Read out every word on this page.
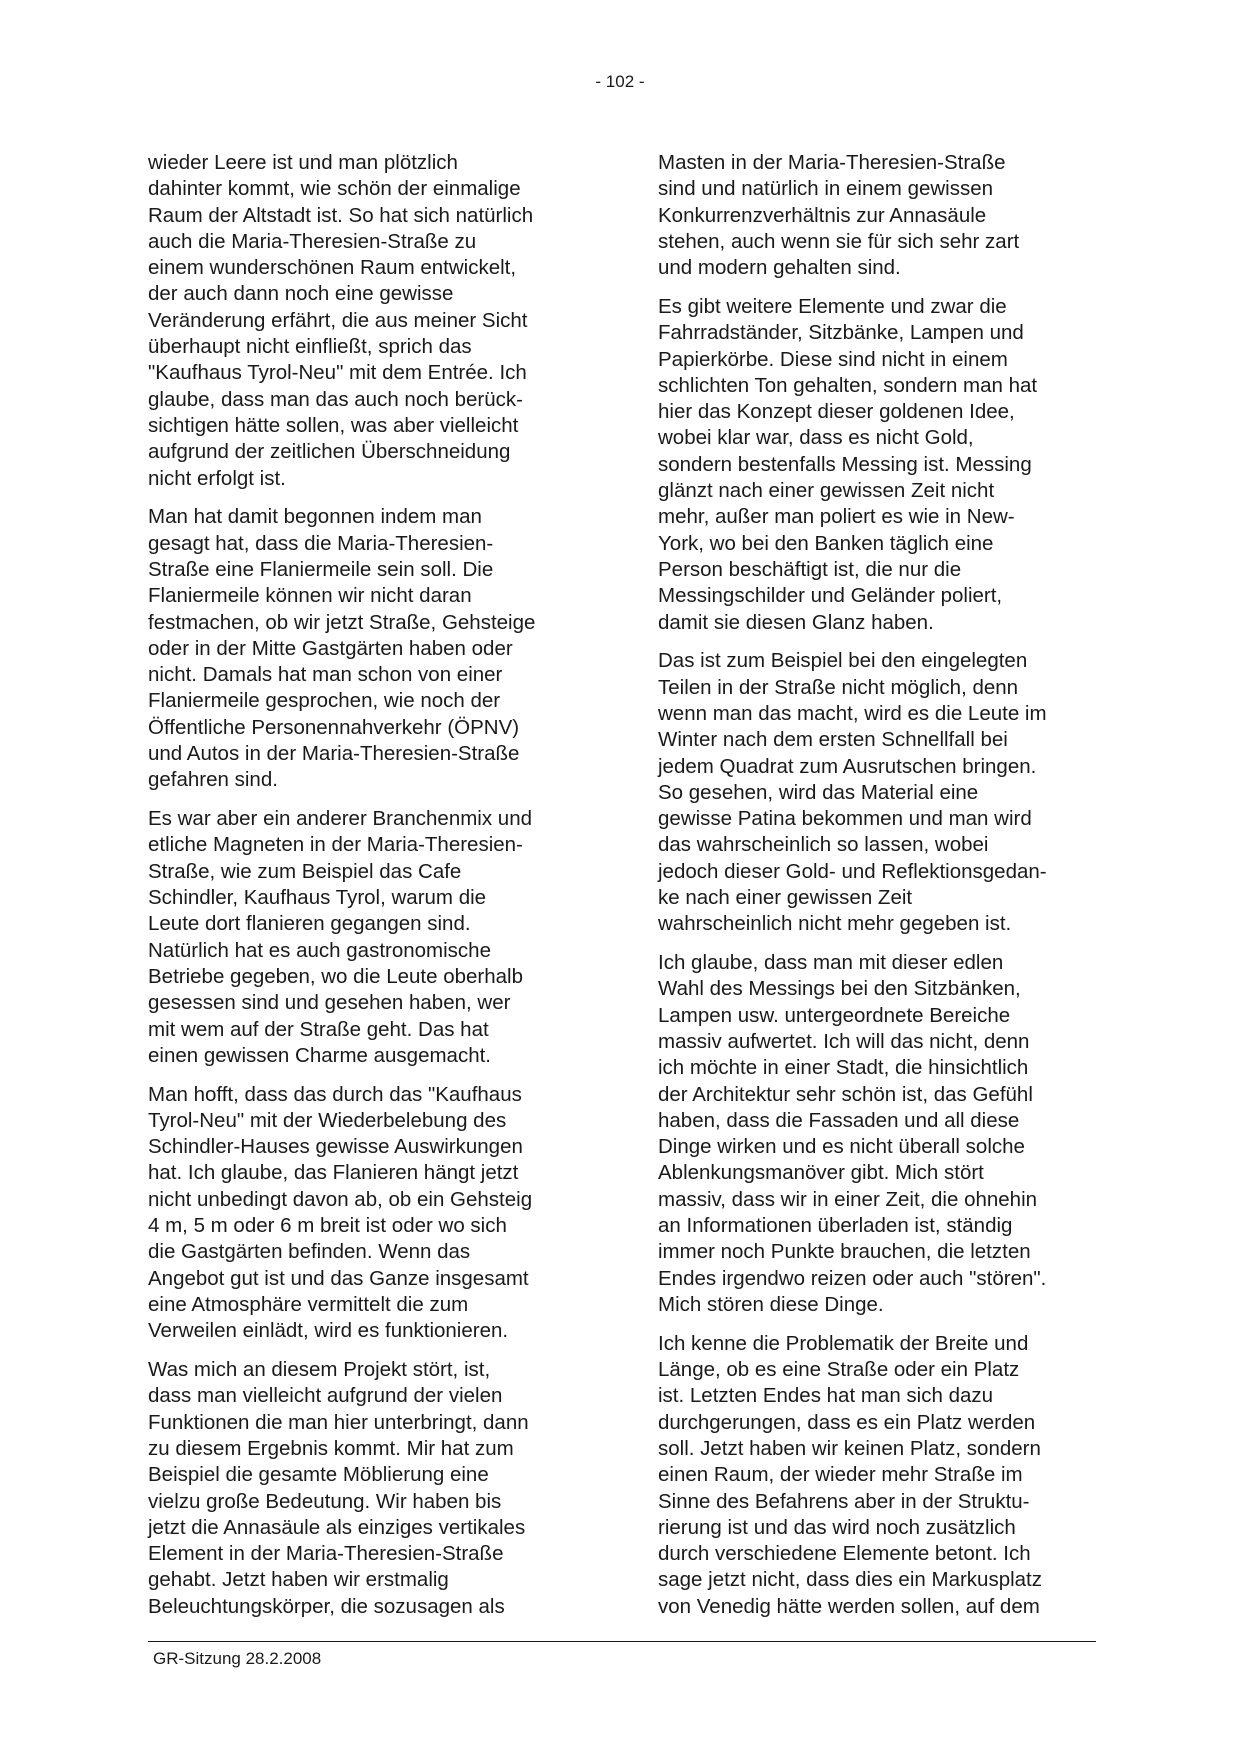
- 102 -

wieder Leere ist und man plötzlich
dahinter kommt, wie schön der einmalige
Raum der Altstadt ist. So hat sich natürlich
auch die Maria-Theresien-Straße zu
einem wunderschönen Raum entwickelt,
der auch dann noch eine gewisse
Veränderung erfährt, die aus meiner Sicht
überhaupt nicht einfließt, sprich das
"Kaufhaus Tyrol-Neu" mit dem Entrée. Ich
glaube, dass man das auch noch berück-
sichtigen hätte sollen, was aber vielleicht
aufgrund der zeitlichen Überschneidung
nicht erfolgt ist.

Man hat damit begonnen indem man
gesagt hat, dass die Maria-Theresien-
Straße eine Flaniermeile sein soll. Die
Flaniermeile können wir nicht daran
festmachen, ob wir jetzt Straße, Gehsteige
oder in der Mitte Gastgärten haben oder
nicht. Damals hat man schon von einer
Flaniermeile gesprochen, wie noch der
Öffentliche Personennahverkehr (ÖPNV)
und Autos in der Maria-Theresien-Straße
gefahren sind.

Es war aber ein anderer Branchenmix und
etliche Magneten in der Maria-Theresien-
Straße, wie zum Beispiel das Cafe
Schindler, Kaufhaus Tyrol, warum die
Leute dort flanieren gegangen sind.
Natürlich hat es auch gastronomische
Betriebe gegeben, wo die Leute oberhalb
gesessen sind und gesehen haben, wer
mit wem auf der Straße geht. Das hat
einen gewissen Charme ausgemacht.

Man hofft, dass das durch das "Kaufhaus
Tyrol-Neu" mit der Wiederbelebung des
Schindler-Hauses gewisse Auswirkungen
hat. Ich glaube, das Flanieren hängt jetzt
nicht unbedingt davon ab, ob ein Gehsteig
4 m, 5 m oder 6 m breit ist oder wo sich
die Gastgärten befinden. Wenn das
Angebot gut ist und das Ganze insgesamt
eine Atmosphäre vermittelt die zum
Verweilen einlädt, wird es funktionieren.

Was mich an diesem Projekt stört, ist,
dass man vielleicht aufgrund der vielen
Funktionen die man hier unterbringt, dann
zu diesem Ergebnis kommt. Mir hat zum
Beispiel die gesamte Möblierung eine
vielzu große Bedeutung. Wir haben bis
jetzt die Annasäule als einziges vertikales
Element in der Maria-Theresien-Straße
gehabt. Jetzt haben wir erstmalig
Beleuchtungskörper, die sozusagen als

Masten in der Maria-Theresien-Straße
sind und natürlich in einem gewissen
Konkurrenzverhältnis zur Annasäule
stehen, auch wenn sie für sich sehr zart
und modern gehalten sind.

Es gibt weitere Elemente und zwar die
Fahrradständer, Sitzbänke, Lampen und
Papierkörbe. Diese sind nicht in einem
schlichten Ton gehalten, sondern man hat
hier das Konzept dieser goldenen Idee,
wobei klar war, dass es nicht Gold,
sondern bestenfalls Messing ist. Messing
glänzt nach einer gewissen Zeit nicht
mehr, außer man poliert es wie in New-
York, wo bei den Banken täglich eine
Person beschäftigt ist, die nur die
Messingschilder und Geländer poliert,
damit sie diesen Glanz haben.

Das ist zum Beispiel bei den eingelegten
Teilen in der Straße nicht möglich, denn
wenn man das macht, wird es die Leute im
Winter nach dem ersten Schnellfall bei
jedem Quadrat zum Ausrutschen bringen.
So gesehen, wird das Material eine
gewisse Patina bekommen und man wird
das wahrscheinlich so lassen, wobei
jedoch dieser Gold- und Reflektionsgedan-
ke nach einer gewissen Zeit
wahrscheinlich nicht mehr gegeben ist.

Ich glaube, dass man mit dieser edlen
Wahl des Messings bei den Sitzbänken,
Lampen usw. untergeordnete Bereiche
massiv aufwertet. Ich will das nicht, denn
ich möchte in einer Stadt, die hinsichtlich
der Architektur sehr schön ist, das Gefühl
haben, dass die Fassaden und all diese
Dinge wirken und es nicht überall solche
Ablenkungsmanöver gibt. Mich stört
massiv, dass wir in einer Zeit, die ohnehin
an Informationen überladen ist, ständig
immer noch Punkte brauchen, die letzten
Endes irgendwo reizen oder auch "stören".
Mich stören diese Dinge.

Ich kenne die Problematik der Breite und
Länge, ob es eine Straße oder ein Platz
ist. Letzten Endes hat man sich dazu
durchgerungen, dass es ein Platz werden
soll. Jetzt haben wir keinen Platz, sondern
einen Raum, der wieder mehr Straße im
Sinne des Befahrens aber in der Struktu-
rierung ist und das wird noch zusätzlich
durch verschiedene Elemente betont. Ich
sage jetzt nicht, dass dies ein Markusplatz
von Venedig hätte werden sollen, auf dem

GR-Sitzung 28.2.2008
